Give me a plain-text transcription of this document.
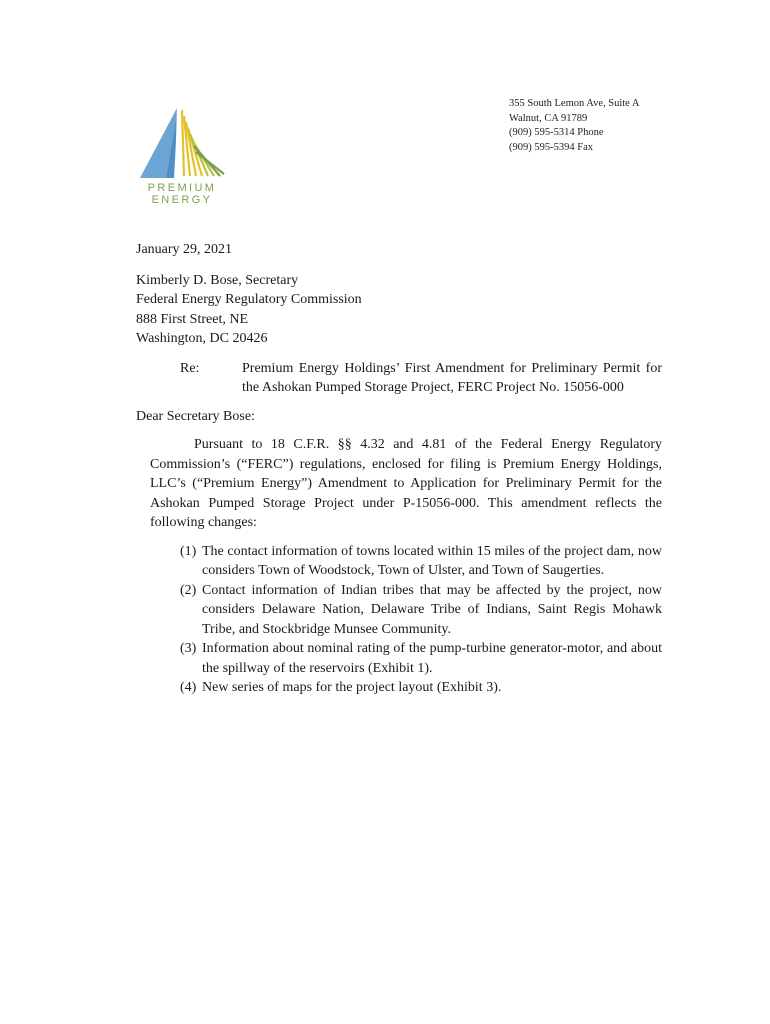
PREMIUM
ENERGY
355 South Lemon Ave, Suite A
Walnut, CA 91789
(909) 595-5314 Phone
(909) 595-5394 Fax
January 29, 2021
Kimberly D. Bose, Secretary
Federal Energy Regulatory Commission
888 First Street, NE
Washington, DC 20426
Re:	Premium Energy Holdings’ First Amendment for Preliminary Permit for the Ashokan Pumped Storage Project, FERC Project No. 15056-000
Dear Secretary Bose:
Pursuant to 18 C.F.R. §§ 4.32 and 4.81 of the Federal Energy Regulatory Commission’s (“FERC”) regulations, enclosed for filing is Premium Energy Holdings, LLC’s (“Premium Energy”) Amendment to Application for Preliminary Permit for the Ashokan Pumped Storage Project under P-15056-000. This amendment reflects the following changes:
(1) The contact information of towns located within 15 miles of the project dam, now considers Town of Woodstock, Town of Ulster, and Town of Saugerties.
(2) Contact information of Indian tribes that may be affected by the project, now considers Delaware Nation, Delaware Tribe of Indians, Saint Regis Mohawk Tribe, and Stockbridge Munsee Community.
(3) Information about nominal rating of the pump-turbine generator-motor, and about the spillway of the reservoirs (Exhibit 1).
(4) New series of maps for the project layout (Exhibit 3).
